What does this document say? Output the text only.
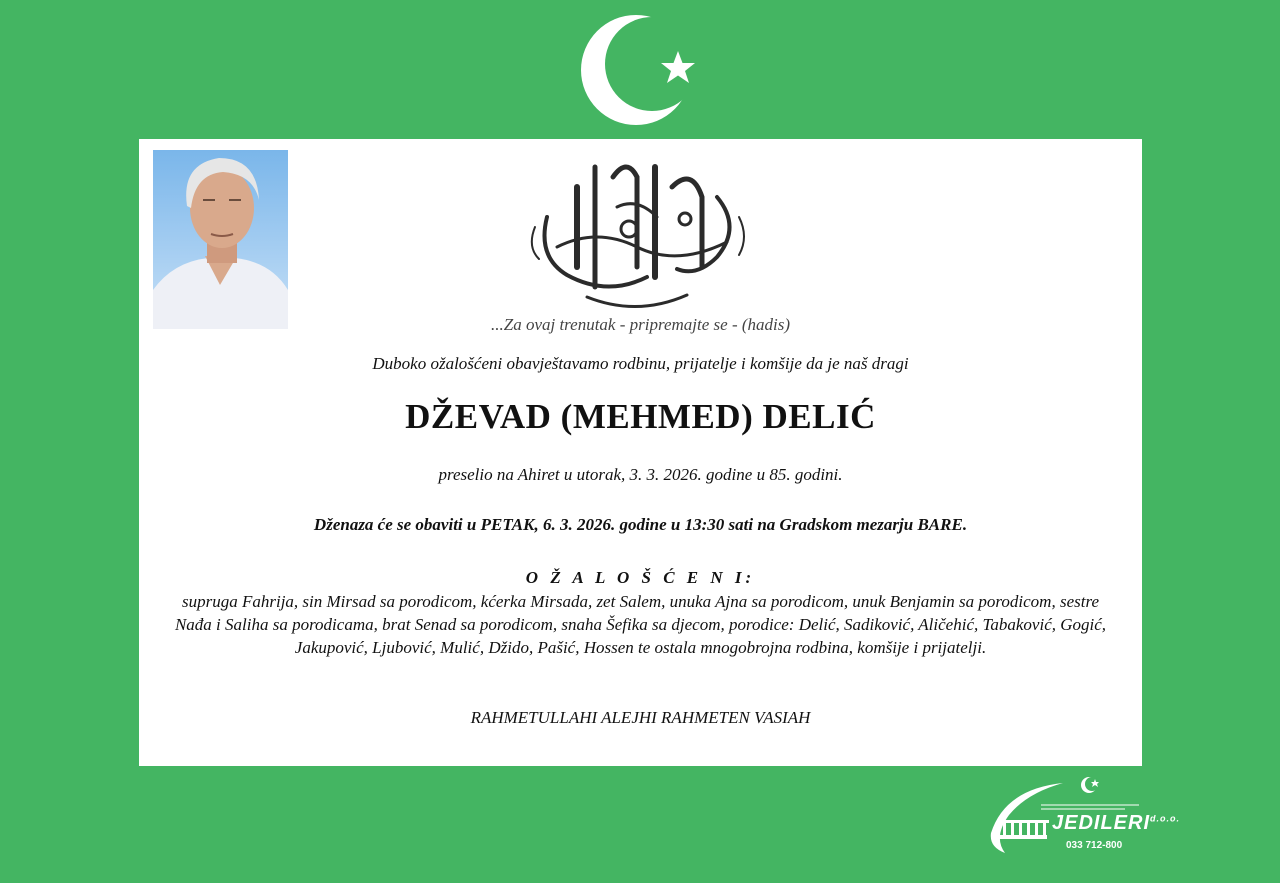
...Za ovaj trenutak - pripremajte se - (hadis)
Duboko ožalošćeni obavještavamo rodbinu, prijatelje i komšije da je naš dragi
DŽEVAD (MEHMED) DELIĆ
preselio na Ahiret u utorak, 3. 3. 2026. godine u 85. godini.
Dženaza će se obaviti u PETAK, 6. 3. 2026. godine u 13:30 sati na Gradskom mezarju BARE.
O Ž A L O Š Ć E N I:
supruga Fahrija, sin Mirsad sa porodicom, kćerka Mirsada, zet Salem, unuka Ajna sa porodicom, unuk Benjamin sa porodicom, sestre Nađa i Saliha sa porodicama, brat Senad sa porodicom, snaha Šefika sa djecom, porodice: Delić, Sadiković, Aličehić, Tabaković, Gogić, Jakupović, Ljubović, Mulić, Džido, Pašić, Hossen te ostala mnogobrojna rodbina, komšije i prijatelji.
RAHMETULLAHI ALEJHI RAHMETEN VASIAH
$JEDILERI^{d.o.o.}$
033 712-800
